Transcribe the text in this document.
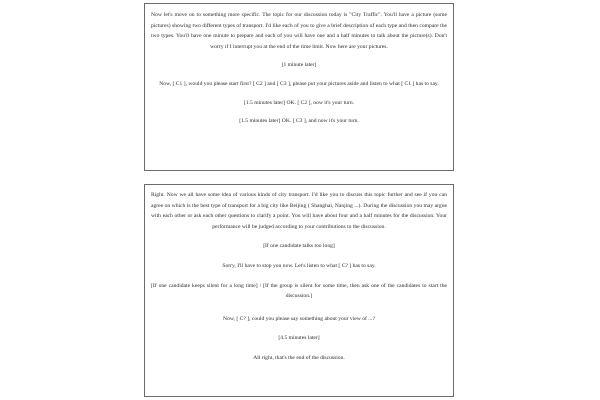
Now let's move on to something more specific. The topic for our discussion today is "City Traffic". You'll have a picture (some pictures) showing two different types of transport. I'd like each of you to give a brief description of each type and then compare the two types. You'll have one minute to prepare and each of you will have one and a half minutes to talk about the picture(s). Don't worry if I interrupt you at the end of the time limit. Now here are your pictures.

[1 minute later]

Now, [ C1 ], would you please start first? [ C2 ] and [ C3 ], please put your pictures aside and listen to what [ C1 ] has to say.

[1.5 minutes later] OK. [ C2 ], now it's your turn.

[1.5 minutes later] OK. [ C3 ], and now it's your turn.

Right. Now we all have some idea of various kinds of city transport. I'd like you to discuss this topic further and see if you can agree on which is the best type of transport for a big city like Beijing ( Shanghai, Nanjing ...). During the discussion you may argue with each other or ask each other questions to clarify a point. You will have about four and a half minutes for the discussion. Your performance will be judged according to your contributions to the discussion.

[If one candidate talks too long]

Sorry, I'll have to stop you now. Let's listen to what [ C? ] has to say.

[If one candidate keeps silent for a long time] / [If the group is silent for some time, then ask one of the candidates to start the discussion.]

Now, [ C? ], could you please say something about your view of ...?

[4.5 minutes later]

All right, that's the end of the discussion.
